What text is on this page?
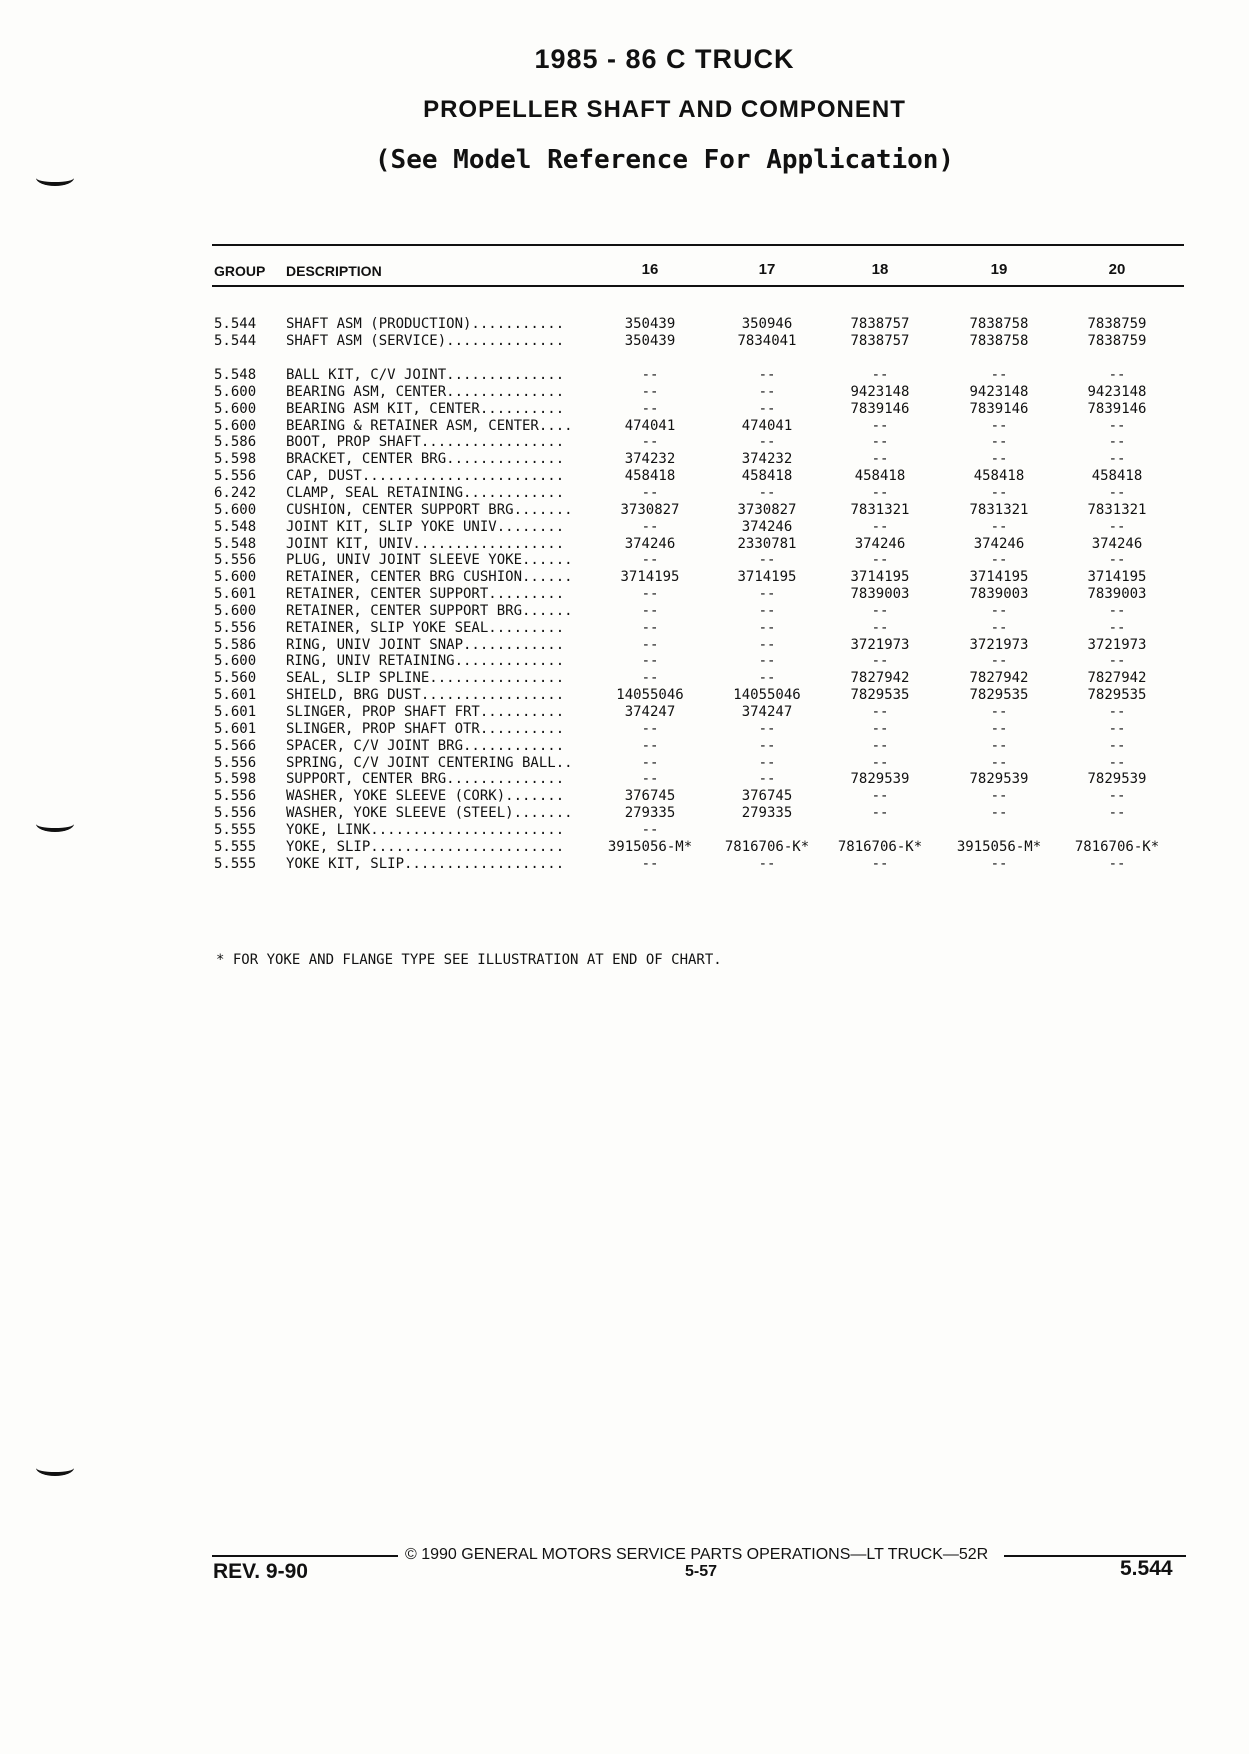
1985 - 86 C TRUCK
PROPELLER SHAFT AND COMPONENT
(See Model Reference For Application)
GROUP DESCRIPTION	16	17	18	19	20
5.544 SHAFT ASM (PRODUCTION)...........	350439	350946	7838757	7838758	7838759
5.544 SHAFT ASM (SERVICE)..............	350439	7834041	7838757	7838758	7838759
5.548 BALL KIT, C/V JOINT..............	--	--	--	--	--
5.600 BEARING ASM, CENTER..............	--	--	9423148	9423148	9423148
5.600 BEARING ASM KIT, CENTER..........	--	--	7839146	7839146	7839146
5.600 BEARING & RETAINER ASM, CENTER....	474041	474041	--	--	--
5.586 BOOT, PROP SHAFT.................	--	--	--	--	--
5.598 BRACKET, CENTER BRG..............	374232	374232	--	--	--
5.556 CAP, DUST........................	458418	458418	458418	458418	458418
6.242 CLAMP, SEAL RETAINING............	--	--	--	--	--
5.600 CUSHION, CENTER SUPPORT BRG.......	3730827	3730827	7831321	7831321	7831321
5.548 JOINT KIT, SLIP YOKE UNIV........	--	374246	--	--	--
5.548 JOINT KIT, UNIV..................	374246	2330781	374246	374246	374246
5.556 PLUG, UNIV JOINT SLEEVE YOKE......	--	--	--	--	--
5.600 RETAINER, CENTER BRG CUSHION......	3714195	3714195	3714195	3714195	3714195
5.601 RETAINER, CENTER SUPPORT.........	--	--	7839003	7839003	7839003
5.600 RETAINER, CENTER SUPPORT BRG......	--	--	--	--	--
5.556 RETAINER, SLIP YOKE SEAL.........	--	--	--	--	--
5.586 RING, UNIV JOINT SNAP............	--	--	3721973	3721973	3721973
5.600 RING, UNIV RETAINING.............	--	--	--	--	--
5.560 SEAL, SLIP SPLINE................	--	--	7827942	7827942	7827942
5.601 SHIELD, BRG DUST.................	14055046	14055046	7829535	7829535	7829535
5.601 SLINGER, PROP SHAFT FRT..........	374247	374247	--	--	--
5.601 SLINGER, PROP SHAFT OTR..........	--	--	--	--	--
5.566 SPACER, C/V JOINT BRG............	--	--	--	--	--
5.556 SPRING, C/V JOINT CENTERING BALL..	--	--	--	--	--
5.598 SUPPORT, CENTER BRG..............	--	--	7829539	7829539	7829539
5.556 WASHER, YOKE SLEEVE (CORK).......	376745	376745	--	--	--
5.556 WASHER, YOKE SLEEVE (STEEL).......	279335	279335	--	--	--
5.555 YOKE, LINK.......................	--
5.555 YOKE, SLIP.......................	3915056-M*	7816706-K*	7816706-K*	3915056-M*	7816706-K*
5.555 YOKE KIT, SLIP...................	--	--	--	--	--
* FOR YOKE AND FLANGE TYPE SEE ILLUSTRATION AT END OF CHART.
© 1990 GENERAL MOTORS SERVICE PARTS OPERATIONS—LT TRUCK—52R
REV. 9-90	5-57	5.544
